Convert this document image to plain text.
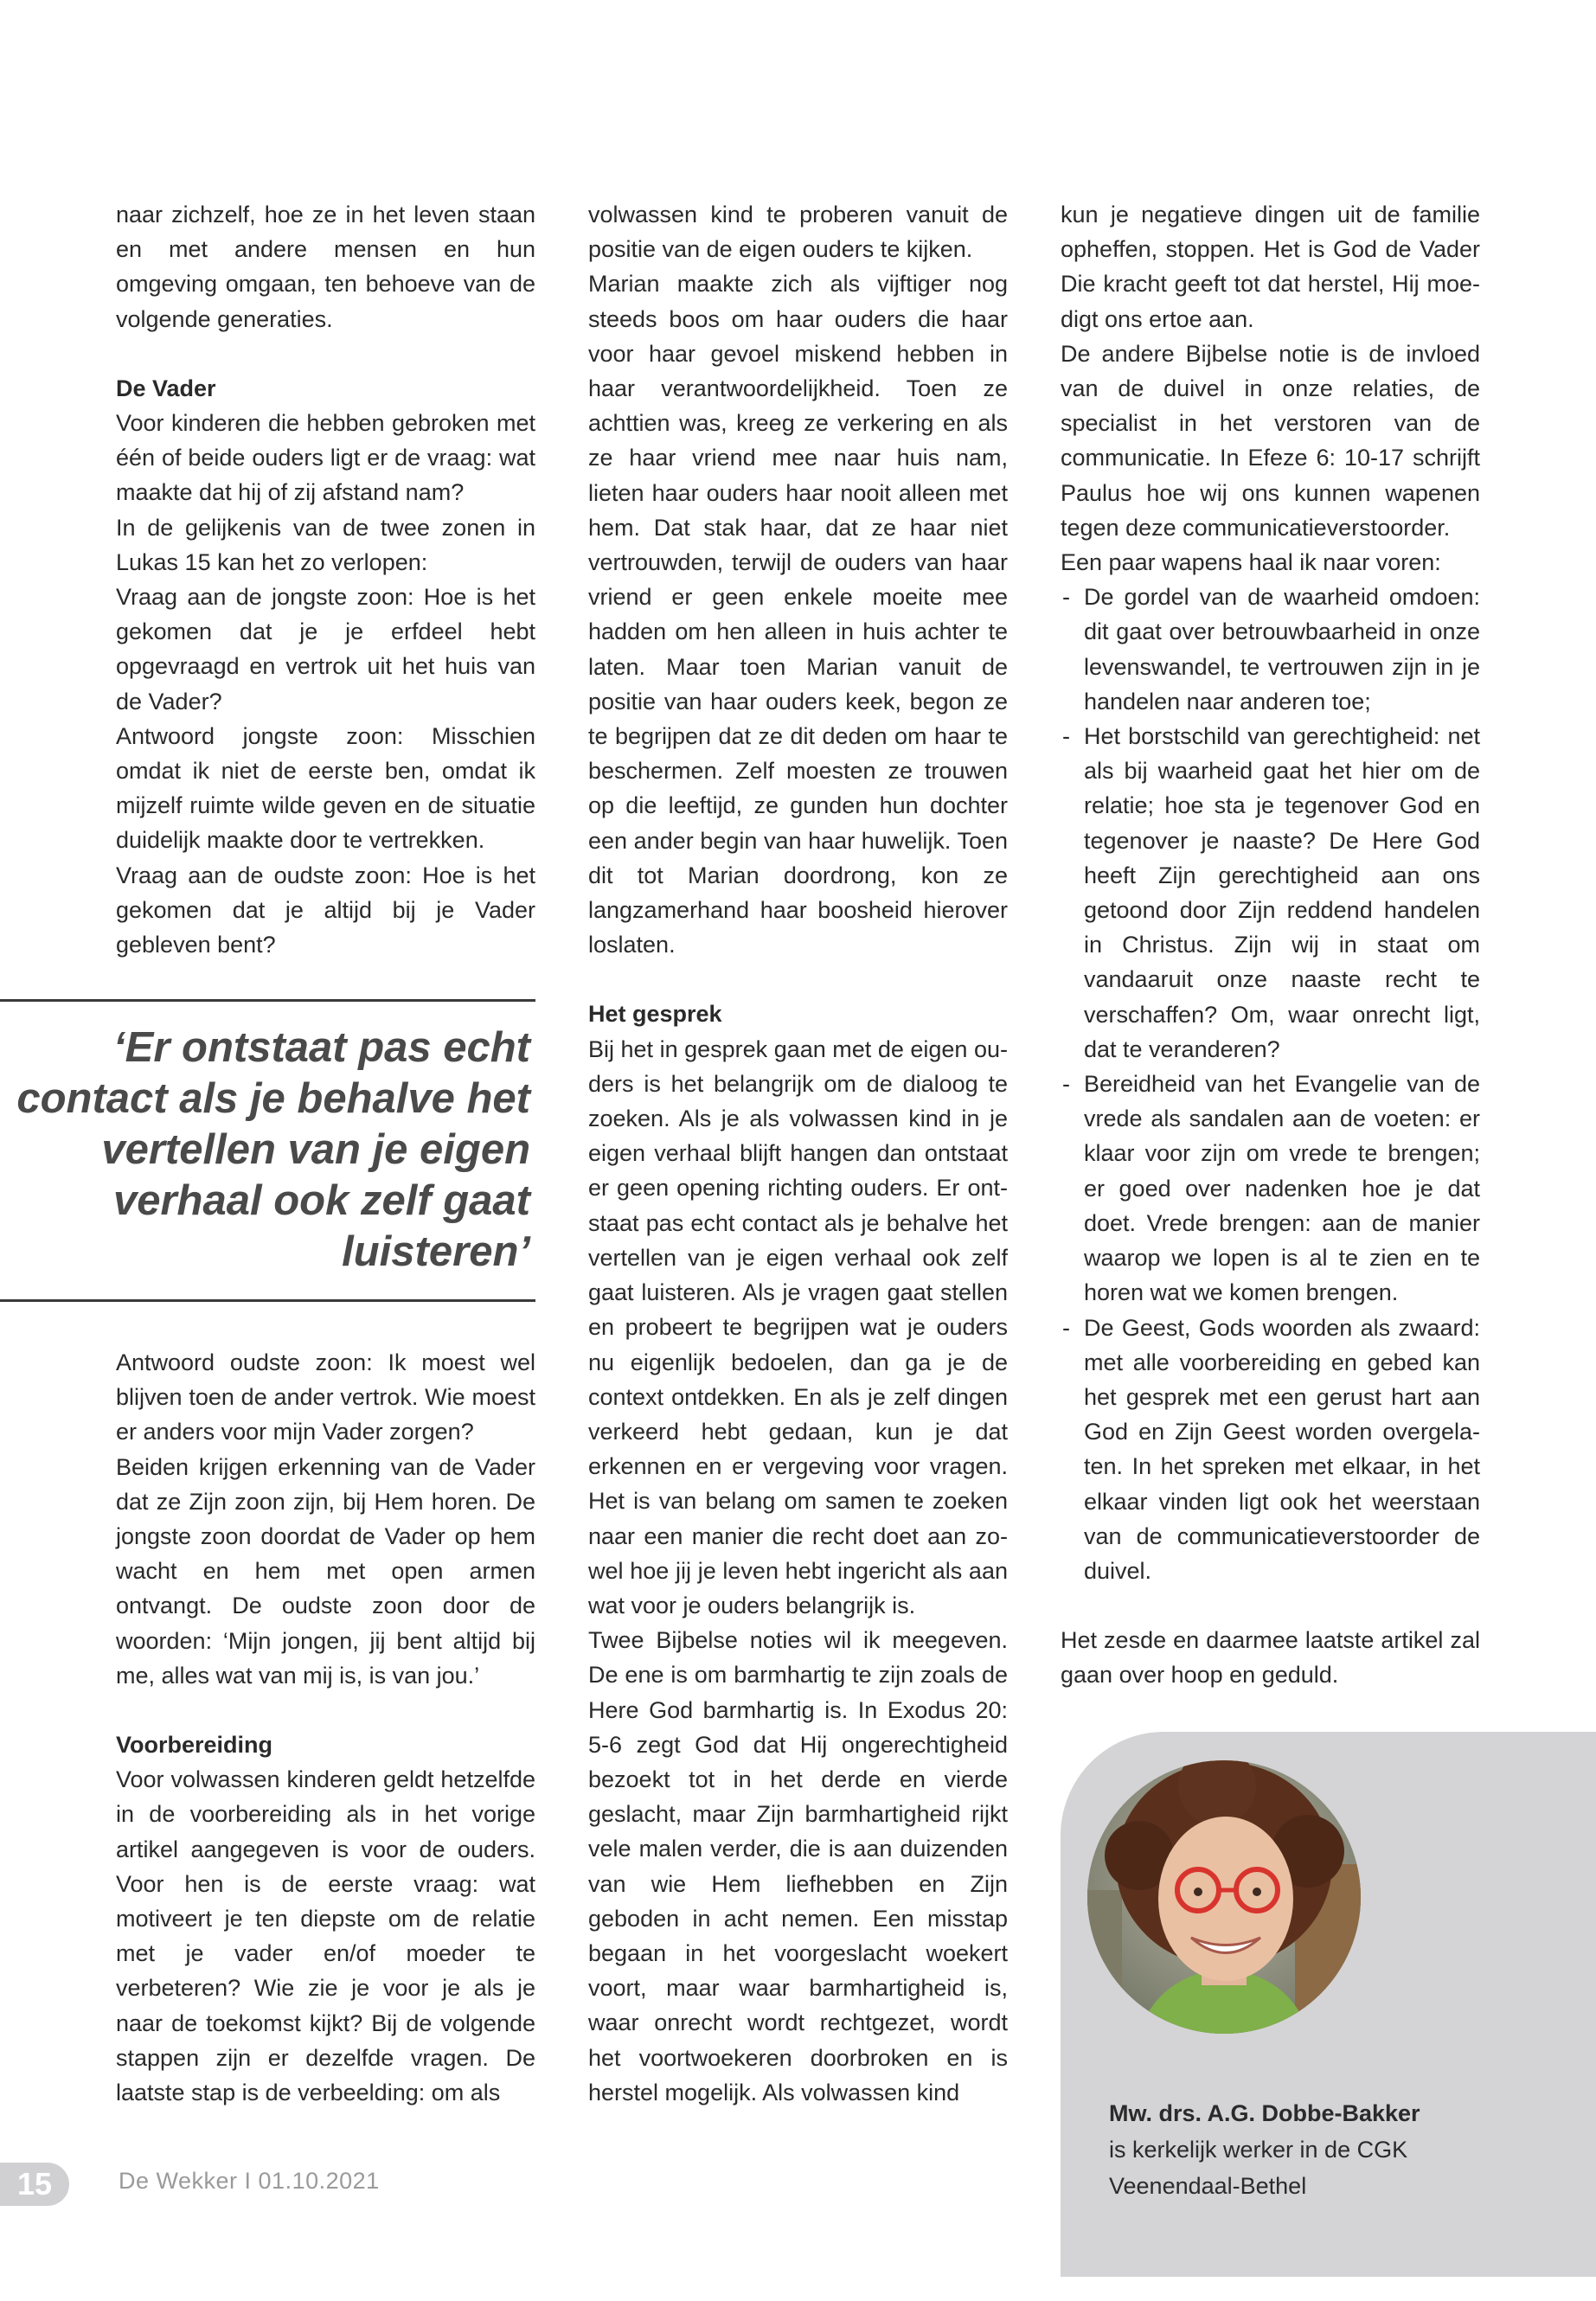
naar zichzelf, hoe ze in het leven staan en met andere mensen en hun omgeving omgaan, ten behoeve van de volgende generaties.

De Vader

Voor kinderen die hebben gebroken met één of beide ouders ligt er de vraag: wat maakte dat hij of zij afstand nam?

In de gelijkenis van de twee zonen in Lukas 15 kan het zo verlopen:

Vraag aan de jongste zoon: Hoe is het gekomen dat je je erfdeel hebt opgevraagd en vertrok uit het huis van de Vader?

Antwoord jongste zoon: Misschien omdat ik niet de eerste ben, omdat ik mijzelf ruimte wilde geven en de situatie duidelijk maakte door te vertrekken.

Vraag aan de oudste zoon: Hoe is het gekomen dat je altijd bij je Vader gebleven bent?

‘Er ontstaat pas echt contact als je behalve het vertellen van je eigen verhaal ook zelf gaat luisteren’

Antwoord oudste zoon: Ik moest wel blijven toen de ander vertrok. Wie moest er anders voor mijn Vader zorgen?

Beiden krijgen erkenning van de Vader dat ze Zijn zoon zijn, bij Hem horen. De jongste zoon doordat de Vader op hem wacht en hem met open armen ontvangt. De oudste zoon door de woorden: ‘Mijn jongen, jij bent altijd bij me, alles wat van mij is, is van jou.’

Voorbereiding

Voor volwassen kinderen geldt hetzelfde in de voorbereiding als in het vorige artikel aangegeven is voor de ouders. Voor hen is de eerste vraag: wat motiveert je ten diepste om de relatie met je vader en/of moeder te verbeteren? Wie zie je voor je als je naar de toekomst kijkt? Bij de volgende stappen zijn er dezelfde vragen. De laatste stap is de verbeelding: om als

volwassen kind te proberen vanuit de positie van de eigen ouders te kijken.

Marian maakte zich als vijftiger nog steeds boos om haar ouders die haar voor haar gevoel miskend hebben in haar verantwoordelijkheid. Toen ze achttien was, kreeg ze verkering en als ze haar vriend mee naar huis nam, lieten haar ouders haar nooit alleen met hem. Dat stak haar, dat ze haar niet vertrouwden, terwijl de ouders van haar vriend er geen enkele moeite mee hadden om hen alleen in huis achter te laten. Maar toen Marian vanuit de positie van haar ouders keek, begon ze te begrijpen dat ze dit deden om haar te beschermen. Zelf moesten ze trouwen op die leeftijd, ze gunden hun dochter een ander begin van haar huwelijk. Toen dit tot Marian doordrong, kon ze langzamerhand haar boosheid hierover loslaten.

Het gesprek

Bij het in gesprek gaan met de eigen ouders is het belangrijk om de dialoog te zoeken. Als je als volwassen kind in je eigen verhaal blijft hangen dan ontstaat er geen opening richting ouders. Er ontstaat pas echt contact als je behalve het vertellen van je eigen verhaal ook zelf gaat luisteren. Als je vragen gaat stellen en probeert te begrijpen wat je ouders nu eigenlijk bedoelen, dan ga je de context ontdekken. En als je zelf dingen verkeerd hebt gedaan, kun je dat erkennen en er vergeving voor vragen. Het is van belang om samen te zoeken naar een manier die recht doet aan zowel hoe jij je leven hebt ingericht als aan wat voor je ouders belangrijk is.

Twee Bijbelse noties wil ik meegeven. De ene is om barmhartig te zijn zoals de Here God barmhartig is. In Exodus 20: 5-6 zegt God dat Hij ongerechtigheid bezoekt tot in het derde en vierde geslacht, maar Zijn barmhartigheid rijkt vele malen verder, die is aan duizenden van wie Hem liefhebben en Zijn geboden in acht nemen. Een misstap begaan in het voorgeslacht woekert voort, maar waar barmhartigheid is, waar onrecht wordt rechtgezet, wordt het voortwoekeren doorbroken en is herstel mogelijk. Als volwassen kind

kun je negatieve dingen uit de familie opheffen, stoppen. Het is God de Vader Die kracht geeft tot dat herstel, Hij moedigt ons ertoe aan.

De andere Bijbelse notie is de invloed van de duivel in onze relaties, de specialist in het verstoren van de communicatie. In Efeze 6: 10-17 schrijft Paulus hoe wij ons kunnen wapenen tegen deze communicatieverstoorder.

Een paar wapens haal ik naar voren:

- De gordel van de waarheid omdoen: dit gaat over betrouwbaarheid in onze levenswandel, te vertrouwen zijn in je handelen naar anderen toe;
- Het borstschild van gerechtigheid: net als bij waarheid gaat het hier om de relatie; hoe sta je tegenover God en tegenover je naaste? De Here God heeft Zijn gerechtigheid aan ons getoond door Zijn reddend handelen in Christus. Zijn wij in staat om vandaaruit onze naaste recht te verschaffen? Om, waar onrecht ligt, dat te veranderen?
- Bereidheid van het Evangelie van de vrede als sandalen aan de voeten: er klaar voor zijn om vrede te brengen; er goed over nadenken hoe je dat doet. Vrede brengen: aan de manier waarop we lopen is al te zien en te horen wat we komen brengen.
- De Geest, Gods woorden als zwaard: met alle voorbereiding en gebed kan het gesprek met een gerust hart aan God en Zijn Geest worden overgelaten. In het spreken met elkaar, in het elkaar vinden ligt ook het weerstaan van de communicatieverstoorder de duivel.

Het zesde en daarmee laatste artikel zal gaan over hoop en geduld.

Mw. drs. A.G. Dobbe-Bakker
is kerkelijk werker in de CGK
Veenendaal-Bethel
15	De Wekker I 01.10.2021
